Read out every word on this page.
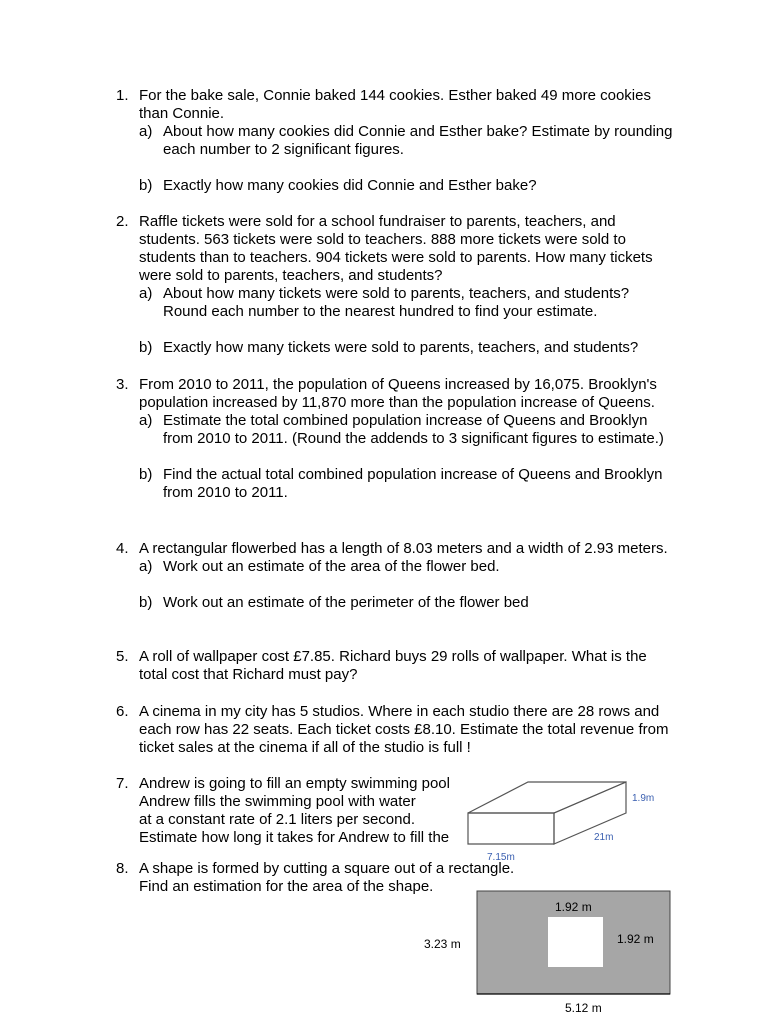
1. For the bake sale, Connie baked 144 cookies. Esther baked 49 more cookies than Connie.
a) About how many cookies did Connie and Esther bake? Estimate by rounding each number to 2 significant figures.
b) Exactly how many cookies did Connie and Esther bake?
2. Raffle tickets were sold for a school fundraiser to parents, teachers, and students. 563 tickets were sold to teachers. 888 more tickets were sold to students than to teachers. 904 tickets were sold to parents. How many tickets were sold to parents, teachers, and students?
a) About how many tickets were sold to parents, teachers, and students? Round each number to the nearest hundred to find your estimate.
b) Exactly how many tickets were sold to parents, teachers, and students?
3. From 2010 to 2011, the population of Queens increased by 16,075. Brooklyn's population increased by 11,870 more than the population increase of Queens.
a) Estimate the total combined population increase of Queens and Brooklyn from 2010 to 2011. (Round the addends to 3 significant figures to estimate.)
b) Find the actual total combined population increase of Queens and Brooklyn from 2010 to 2011.
4. A rectangular flowerbed has a length of 8.03 meters and a width of 2.93 meters.
a) Work out an estimate of the area of the flower bed.
b) Work out an estimate of the perimeter of the flower bed
5. A roll of wallpaper cost £7.85. Richard buys 29 rolls of wallpaper. What is the total cost that Richard must pay?
6. A cinema in my city has 5 studios. Where in each studio there are 28 rows and each row has 22 seats. Each ticket costs £8.10. Estimate the total revenue from ticket sales at the cinema if all of the studio is full !
7. Andrew is going to fill an empty swimming pool
Andrew fills the swimming pool with water
at a constant rate of 2.1 liters per second.
Estimate how long it takes for Andrew to fill the
1.9m
21m
7.15m
8. A shape is formed by cutting a square out of a rectangle.
Find an estimation for the area of the shape.
1.92 m
1.92 m
3.23 m
5.12 m
